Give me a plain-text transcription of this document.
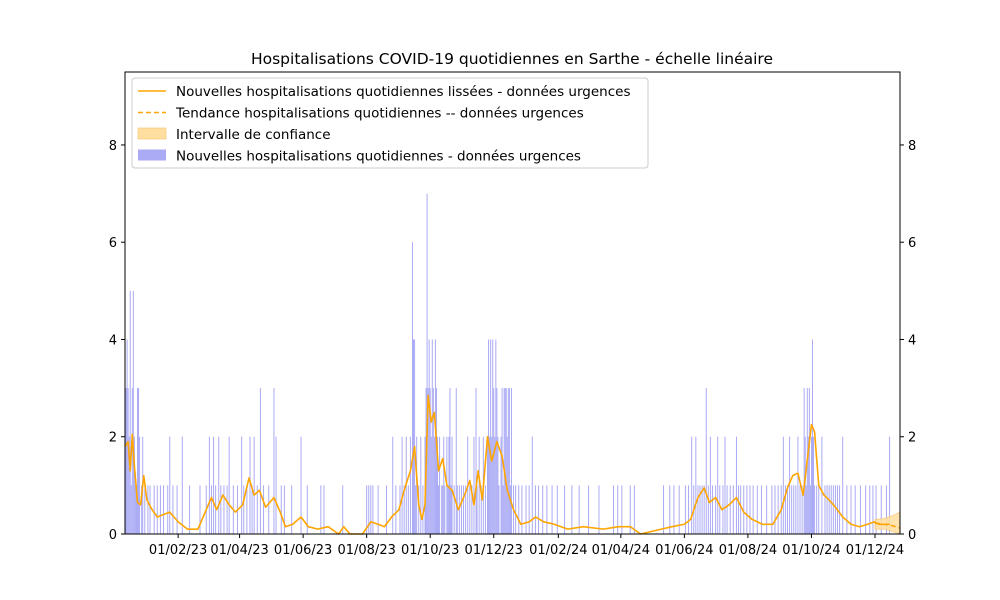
Hospitalisations COVID-19 quotidiennes en Sarthe - échelle linéaire
0	0
2	2
4	4
6	6
8	8
01/02/23 01/04/23 01/06/23 01/08/23 01/10/23 01/12/23 01/02/24 01/04/24 01/06/24 01/08/24 01/10/24 01/12/24
Nouvelles hospitalisations quotidiennes lissées - données urgences
Tendance hospitalisations quotidiennes -- données urgences
Intervalle de confiance
Nouvelles hospitalisations quotidiennes - données urgences
